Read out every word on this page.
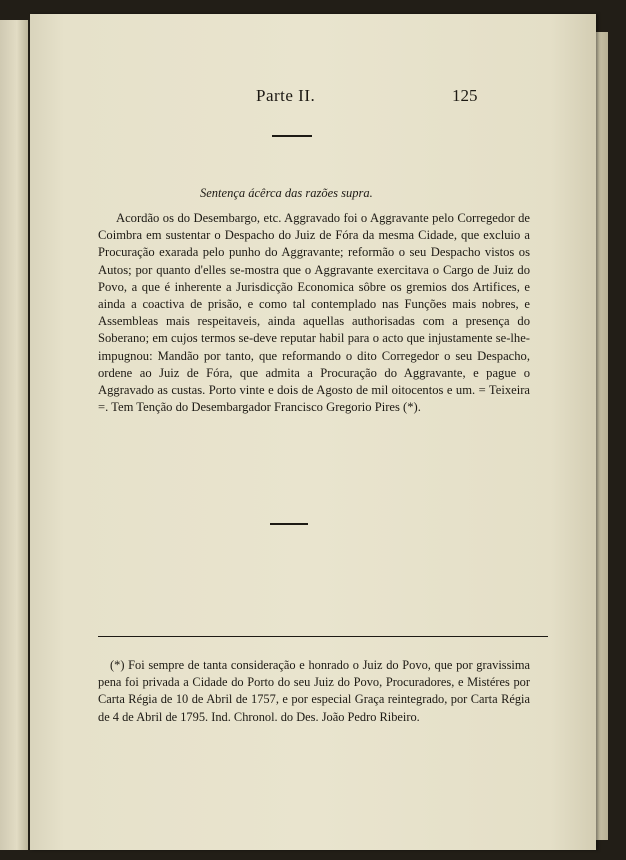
Parte II.	125
Sentença ácêrca das razões supra.

Acordão os do Desembargo, etc. Aggravado foi o Aggravante pelo Corregedor de Coimbra em sustentar o Despacho do Juiz de Fóra da mesma Cidade, que excluio a Procuração exarada pelo punho do Aggravante; reformão o seu Despacho vistos os Autos; por quanto d'elles se-mostra que o Aggravante exercitava o Cargo de Juiz do Povo, a que é inherente a Jurisdicção Economica sôbre os gremios dos Artifices, e ainda a coactiva de prisão, e como tal contemplado nas Funções mais nobres, e Assembleas mais respeitaveis, ainda aquellas authorisadas com a presença do Soberano; em cujos termos se-deve reputar habil para o acto que injustamente se-lhe-impugnou: Mandão por tanto, que reformando o dito Corregedor o seu Despacho, ordene ao Juiz de Fóra, que admita a Procuração do Aggravante, e pague o Aggravado as custas. Porto vinte e dois de Agosto de mil oitocentos e um. = Teixeira =. Tem Tenção do Desembargador Francisco Gregorio Pires (*).

(*) Foi sempre de tanta consideração e honrado o Juiz do Povo, que por gravissima pena foi privada a Cidade do Porto do seu Juiz do Povo, Procuradores, e Mistéres por Carta Régia de 10 de Abril de 1757, e por especial Graça reintegrado, por Carta Régia de 4 de Abril de 1795. Ind. Chronol. do Des. João Pedro Ribeiro.
